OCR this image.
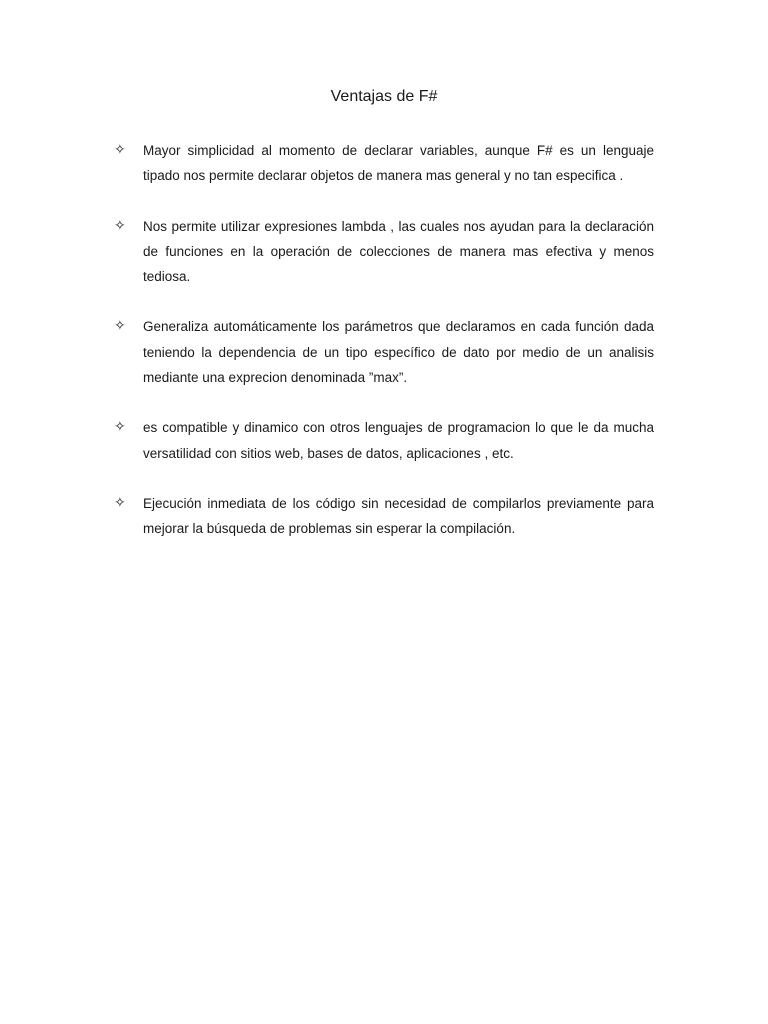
Ventajas de F#
✧	Mayor simplicidad al momento de declarar variables, aunque F# es un lenguaje tipado nos permite declarar objetos de manera mas general y no tan especifica .
✧	Nos permite utilizar expresiones lambda , las cuales nos ayudan para la declaración de funciones en la operación de colecciones de manera mas efectiva y menos tediosa.
✧	Generaliza automáticamente los parámetros que declaramos en cada función dada teniendo la dependencia de un tipo específico de dato por medio de un analisis mediante una exprecion denominada ”max”.
✧	es compatible y dinamico con otros lenguajes de programacion lo que le da mucha versatilidad con sitios web, bases de datos, aplicaciones , etc.
✧	Ejecución inmediata de los código sin necesidad de compilarlos previamente para mejorar la búsqueda de problemas sin esperar la compilación.
